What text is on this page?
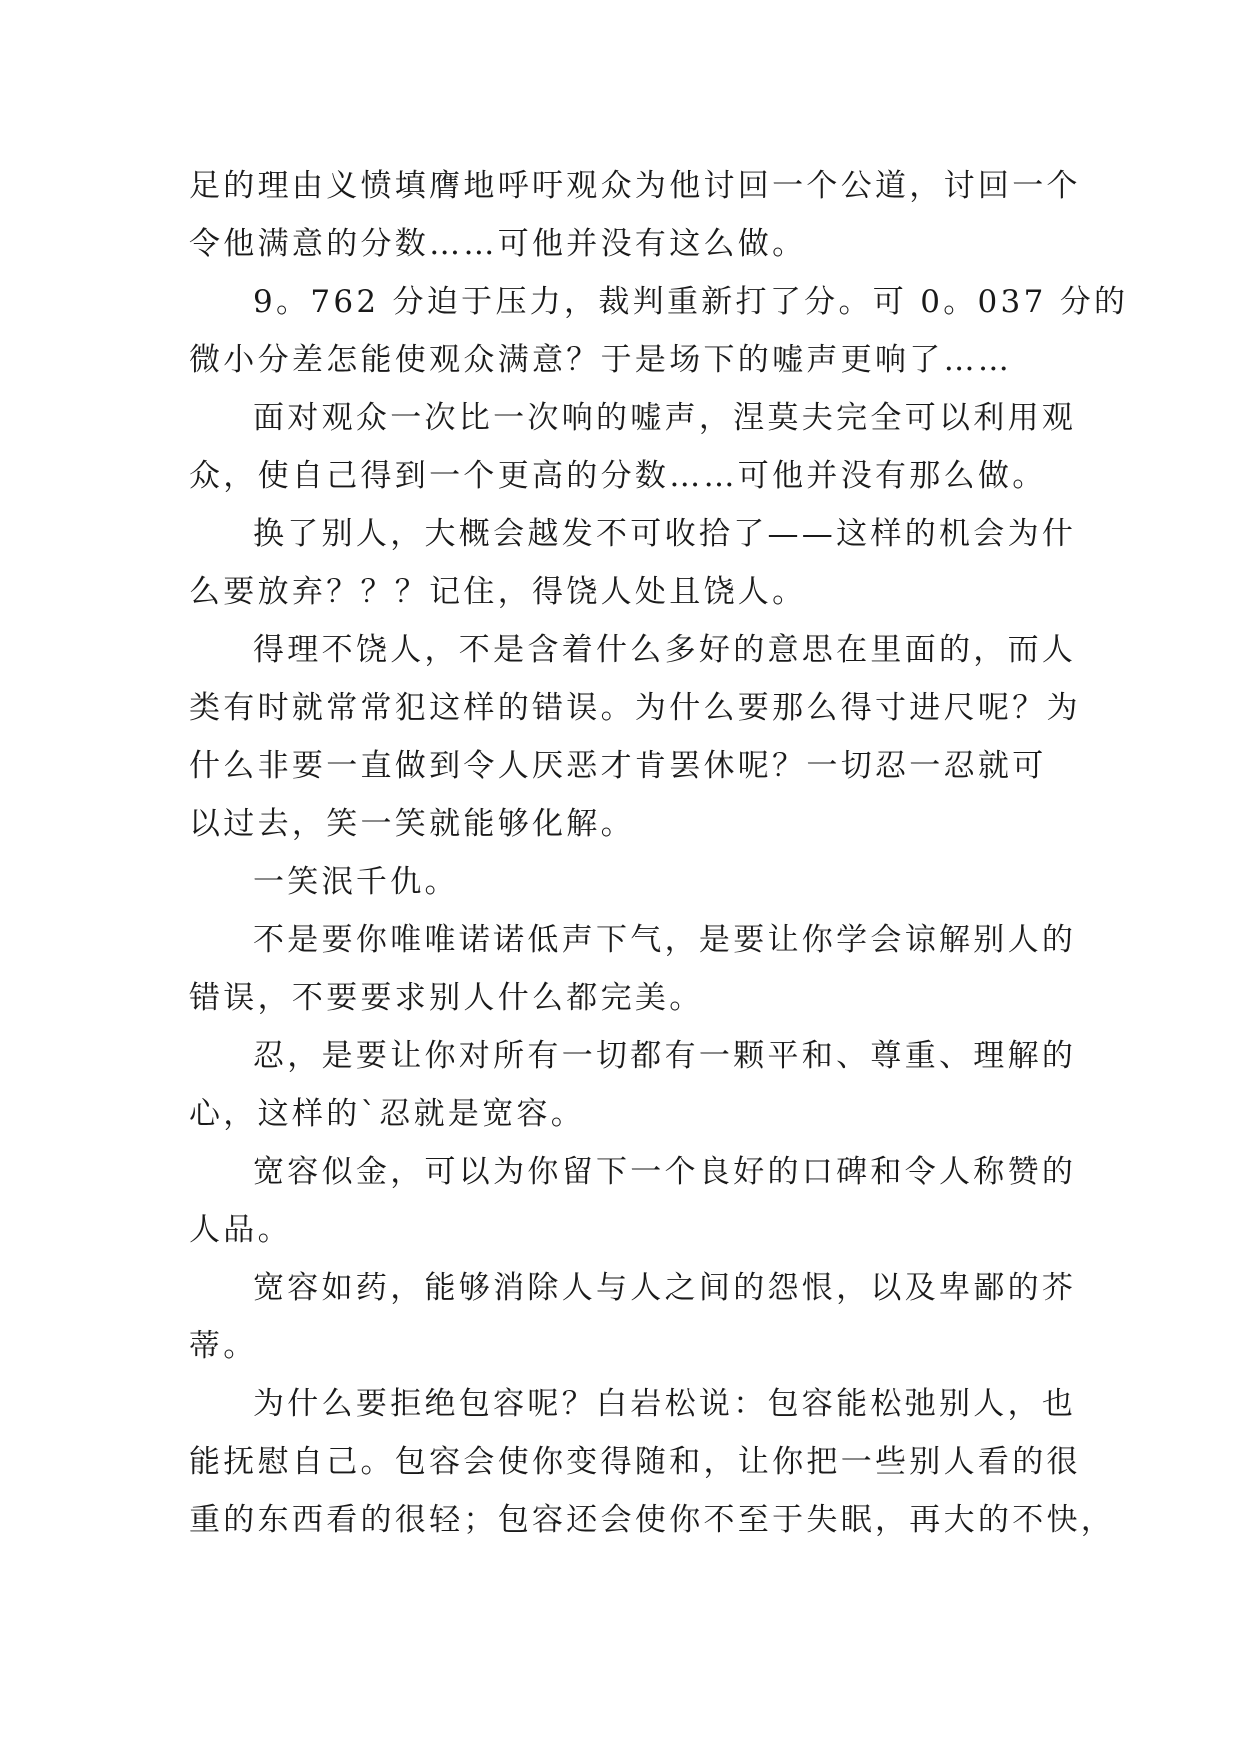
足的理由义愤填膺地呼吁观众为他讨回一个公道，讨回一个
令他满意的分数……可他并没有这么做。
9。762 分迫于压力，裁判重新打了分。可 0。037 分的
微小分差怎能使观众满意？于是场下的嘘声更响了……
面对观众一次比一次响的嘘声，涅莫夫完全可以利用观
众，使自己得到一个更高的分数……可他并没有那么做。
换了别人，大概会越发不可收拾了——这样的机会为什
么要放弃？？？记住，得饶人处且饶人。
得理不饶人，不是含着什么多好的意思在里面的，而人
类有时就常常犯这样的错误。为什么要那么得寸进尺呢？为
什么非要一直做到令人厌恶才肯罢休呢？一切忍一忍就可
以过去，笑一笑就能够化解。
一笑泯千仇。
不是要你唯唯诺诺低声下气，是要让你学会谅解别人的
错误，不要要求别人什么都完美。
忍，是要让你对所有一切都有一颗平和、尊重、理解的
心，这样的`忍就是宽容。
宽容似金，可以为你留下一个良好的口碑和令人称赞的
人品。
宽容如药，能够消除人与人之间的怨恨，以及卑鄙的芥
蒂。
为什么要拒绝包容呢？白岩松说：包容能松弛别人，也
能抚慰自己。包容会使你变得随和，让你把一些别人看的很
重的东西看的很轻；包容还会使你不至于失眠，再大的不快，
